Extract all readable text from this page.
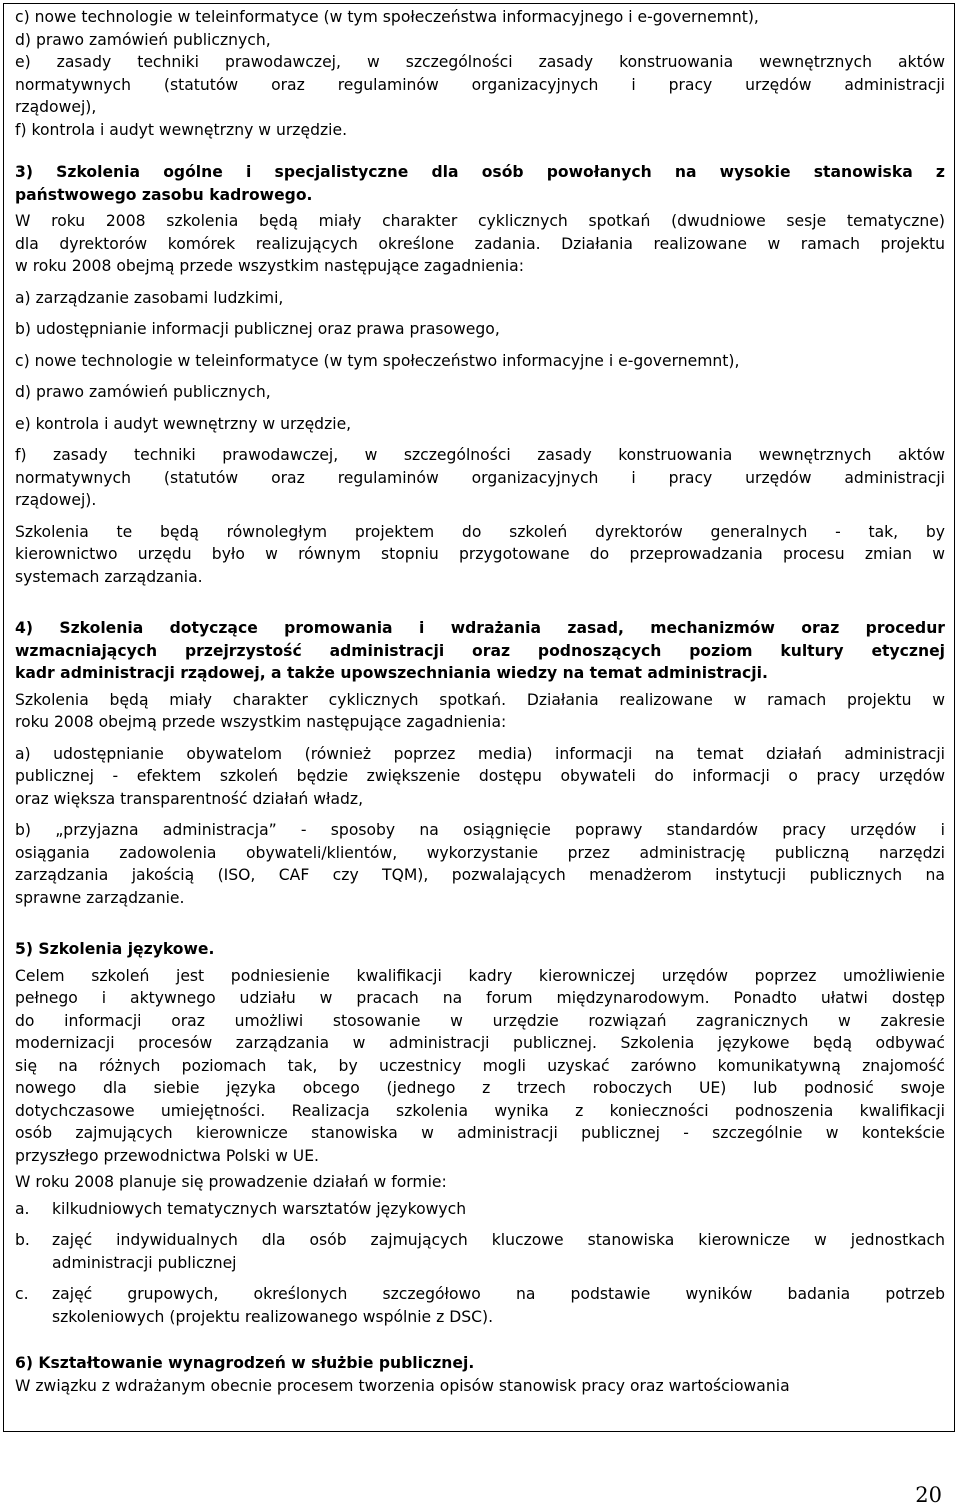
c) nowe technologie w teleinformatyce (w tym społeczeństwa informacyjnego i e-governemnt),
d) prawo zamówień publicznych,
e) zasady techniki prawodawczej, w szczególności zasady konstruowania wewnętrznych aktów
normatywnych (statutów oraz regulaminów organizacyjnych i pracy urzędów administracji
rządowej),
f) kontrola i audyt wewnętrzny w urzędzie.
3) Szkolenia ogólne i specjalistyczne dla osób powołanych na wysokie stanowiska z
państwowego zasobu kadrowego.
W roku 2008 szkolenia będą miały charakter cyklicznych spotkań (dwudniowe sesje tematyczne)
dla dyrektorów komórek realizujących określone zadania. Działania realizowane w ramach projektu
w roku 2008 obejmą przede wszystkim następujące zagadnienia:
a) zarządzanie zasobami ludzkimi,
b) udostępnianie informacji publicznej oraz prawa prasowego,
c) nowe technologie w teleinformatyce (w tym społeczeństwo informacyjne i e-governemnt),
d) prawo zamówień publicznych,
e) kontrola i audyt wewnętrzny w urzędzie,
f) zasady techniki prawodawczej, w szczególności zasady konstruowania wewnętrznych aktów
normatywnych (statutów oraz regulaminów organizacyjnych i pracy urzędów administracji
rządowej).
Szkolenia te będą równoległym projektem do szkoleń dyrektorów generalnych - tak, by
kierownictwo urzędu było w równym stopniu przygotowane do przeprowadzania procesu zmian w
systemach zarządzania.
4) Szkolenia dotyczące promowania i wdrażania zasad, mechanizmów oraz procedur
wzmacniających przejrzystość administracji oraz podnoszących poziom kultury etycznej
kadr administracji rządowej, a także upowszechniania wiedzy na temat administracji.
Szkolenia będą miały charakter cyklicznych spotkań. Działania realizowane w ramach projektu w
roku 2008 obejmą przede wszystkim następujące zagadnienia:
a) udostępnianie obywatelom (również poprzez media) informacji na temat działań administracji
publicznej - efektem szkoleń będzie zwiększenie dostępu obywateli do informacji o pracy urzędów
oraz większa transparentność działań władz,
b) „przyjazna administracja” - sposoby na osiągnięcie poprawy standardów pracy urzędów i
osiągania zadowolenia obywateli/klientów, wykorzystanie przez administrację publiczną narzędzi
zarządzania jakością (ISO, CAF czy TQM), pozwalających menadżerom instytucji publicznych na
sprawne zarządzanie.
5) Szkolenia językowe.
Celem szkoleń jest podniesienie kwalifikacji kadry kierowniczej urzędów poprzez umożliwienie
pełnego i aktywnego udziału w pracach na forum międzynarodowym. Ponadto ułatwi dostęp
do informacji oraz umożliwi stosowanie w urzędzie rozwiązań zagranicznych w zakresie
modernizacji procesów zarządzania w administracji publicznej. Szkolenia językowe będą odbywać
się na różnych poziomach tak, by uczestnicy mogli uzyskać zarówno komunikatywną znajomość
nowego dla siebie języka obcego (jednego z trzech roboczych UE) lub podnosić swoje
dotychczasowe umiejętności. Realizacja szkolenia wynika z konieczności podnoszenia kwalifikacji
osób zajmujących kierownicze stanowiska w administracji publicznej - szczególnie w kontekście
przyszłego przewodnictwa Polski w UE.
W roku 2008 planuje się prowadzenie działań w formie:
a.	kilkudniowych tematycznych warsztatów językowych
b.	zajęć indywidualnych dla osób zajmujących kluczowe stanowiska kierownicze w jednostkach
administracji publicznej
c.	zajęć grupowych, określonych szczegółowo na podstawie wyników badania potrzeb
szkoleniowych (projektu realizowanego wspólnie z DSC).
6) Kształtowanie wynagrodzeń w służbie publicznej.
W związku z wdrażanym obecnie procesem tworzenia opisów stanowisk pracy oraz wartościowania
20
